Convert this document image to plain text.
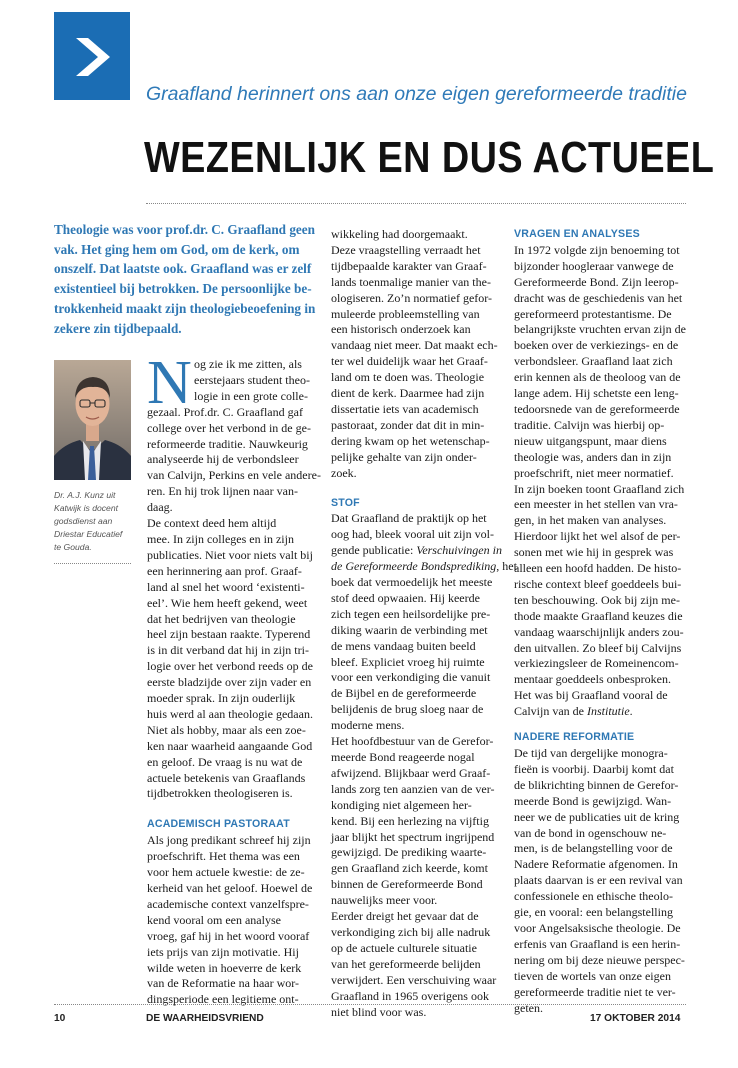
Graafland herinnert ons aan onze eigen gereformeerde traditie
WEZENLIJK EN DUS ACTUEEL
Theologie was voor prof.dr. C. Graafland geen
vak. Het ging hem om God, om de kerk, om
onszelf. Dat laatste ook. Graafland was er zelf
existentieel bij betrokken. De persoonlijke be-
trokkenheid maakt zijn theologiebeoefening in
zekere zin tijdbepaald.
Dr. A.J. Kunz uit
Katwijk is docent
godsdienst aan
Driestar Educatief
te Gouda.
N og zie ik me zitten, als
eerstejaars student theo-
logie in een grote colle-
gezaal. Prof.dr. C. Graafland gaf
college over het verbond in de ge-
reformeerde traditie. Nauwkeurig
analyseerde hij de verbondsleer
van Calvijn, Perkins en vele andere-
ren. En hij trok lijnen naar van-
daag.
De context deed hem altijd
mee. In zijn colleges en in zijn
publicaties. Niet voor niets valt bij
een herinnering aan prof. Graaf-
land al snel het woord ‘existenti-
eel’. Wie hem heeft gekend, weet
dat het bedrijven van theologie
heel zijn bestaan raakte. Typerend
is in dit verband dat hij in zijn tri-
logie over het verbond reeds op de
eerste bladzijde over zijn vader en
moeder sprak. In zijn ouderlijk
huis werd al aan theologie gedaan.
Niet als hobby, maar als een zoe-
ken naar waarheid aangaande God
en geloof. De vraag is nu wat de
actuele betekenis van Graaflands
tijdbetrokken theologiseren is.
ACADEMISCH PASTORAAT
Als jong predikant schreef hij zijn
proefschrift. Het thema was een
voor hem actuele kwestie: de ze-
kerheid van het geloof. Hoewel de
academische context vanzelfspre-
kend vooral om een analyse
vroeg, gaf hij in het woord vooraf
iets prijs van zijn motivatie. Hij
wilde weten in hoeverre de kerk
van de Reformatie na haar wor-
dingsperiode een legitieme ont-
wikkeling had doorgemaakt.
Deze vraagstelling verraadt het
tijdbepaalde karakter van Graaf-
lands toenmalige manier van the-
ologiseren. Zo’n normatief gefor-
muleerde probleemstelling van
een historisch onderzoek kan
vandaag niet meer. Dat maakt ech-
ter wel duidelijk waar het Graaf-
land om te doen was. Theologie
dient de kerk. Daarmee had zijn
dissertatie iets van academisch
pastoraat, zonder dat dit in min-
dering kwam op het wetenschap-
pelijke gehalte van zijn onder-
zoek.
STOF
Dat Graafland de praktijk op het
oog had, bleek vooral uit zijn vol-
gende publicatie: Verschuivingen in
de Gereformeerde Bondsprediking, het
boek dat vermoedelijk het meeste
stof deed opwaaien. Hij keerde
zich tegen een heilsordelijke pre-
diking waarin de verbinding met
de mens vandaag buiten beeld
bleef. Expliciet vroeg hij ruimte
voor een verkondiging die vanuit
de Bijbel en de gereformeerde
belijdenis de brug sloeg naar de
moderne mens.
Het hoofdbestuur van de Gerefor-
meerde Bond reageerde nogal
afwijzend. Blijkbaar werd Graaf-
lands zorg ten aanzien van de ver-
kondiging niet algemeen her-
kend. Bij een herlezing na vijftig
jaar blijkt het spectrum ingrijpend
gewijzigd. De prediking waarte-
gen Graafland zich keerde, komt
binnen de Gereformeerde Bond
nauwelijks meer voor.
Eerder dreigt het gevaar dat de
verkondiging zich bij alle nadruk
op de actuele culturele situatie
van het gereformeerde belijden
verwijdert. Een verschuiving waar
Graafland in 1965 overigens ook
niet blind voor was.
VRAGEN EN ANALYSES
In 1972 volgde zijn benoeming tot
bijzonder hoogleraar vanwege de
Gereformeerde Bond. Zijn leerop-
dracht was de geschiedenis van het
gereformeerd protestantisme. De
belangrijkste vruchten ervan zijn de
boeken over de verkiezings- en de
verbondsleer. Graafland laat zich
erin kennen als de theoloog van de
lange adem. Hij schetste een leng-
tedoorsnede van de gereformeerde
traditie. Calvijn was hierbij op-
nieuw uitgangspunt, maar diens
theologie was, anders dan in zijn
proefschrift, niet meer normatief.
In zijn boeken toont Graafland zich
een meester in het stellen van vra-
gen, in het maken van analyses.
Hierdoor lijkt het wel alsof de per-
sonen met wie hij in gesprek was
alleen een hoofd hadden. De histo-
rische context bleef goeddeels bui-
ten beschouwing. Ook bij zijn me-
thode maakte Graafland keuzes die
vandaag waarschijnlijk anders zou-
den uitvallen. Zo bleef bij Calvijns
verkiezingsleer de Romeinencom-
mentaar goeddeels onbesproken.
Het was bij Graafland vooral de
Calvijn van de Institutie.
NADERE REFORMATIE
De tijd van dergelijke monogra-
fieën is voorbij. Daarbij komt dat
de blikrichting binnen de Gerefor-
meerde Bond is gewijzigd. Wan-
neer we de publicaties uit de kring
van de bond in ogenschouw ne-
men, is de belangstelling voor de
Nadere Reformatie afgenomen. In
plaats daarvan is er een revival van
confessionele en ethische theolo-
gie, en vooral: een belangstelling
voor Angelsaksische theologie. De
erfenis van Graafland is een herin-
nering om bij deze nieuwe perspec-
tieven de wortels van onze eigen
gereformeerde traditie niet te ver-
geten.
10	DE WAARHEIDSVRIEND	17 OKTOBER 2014
